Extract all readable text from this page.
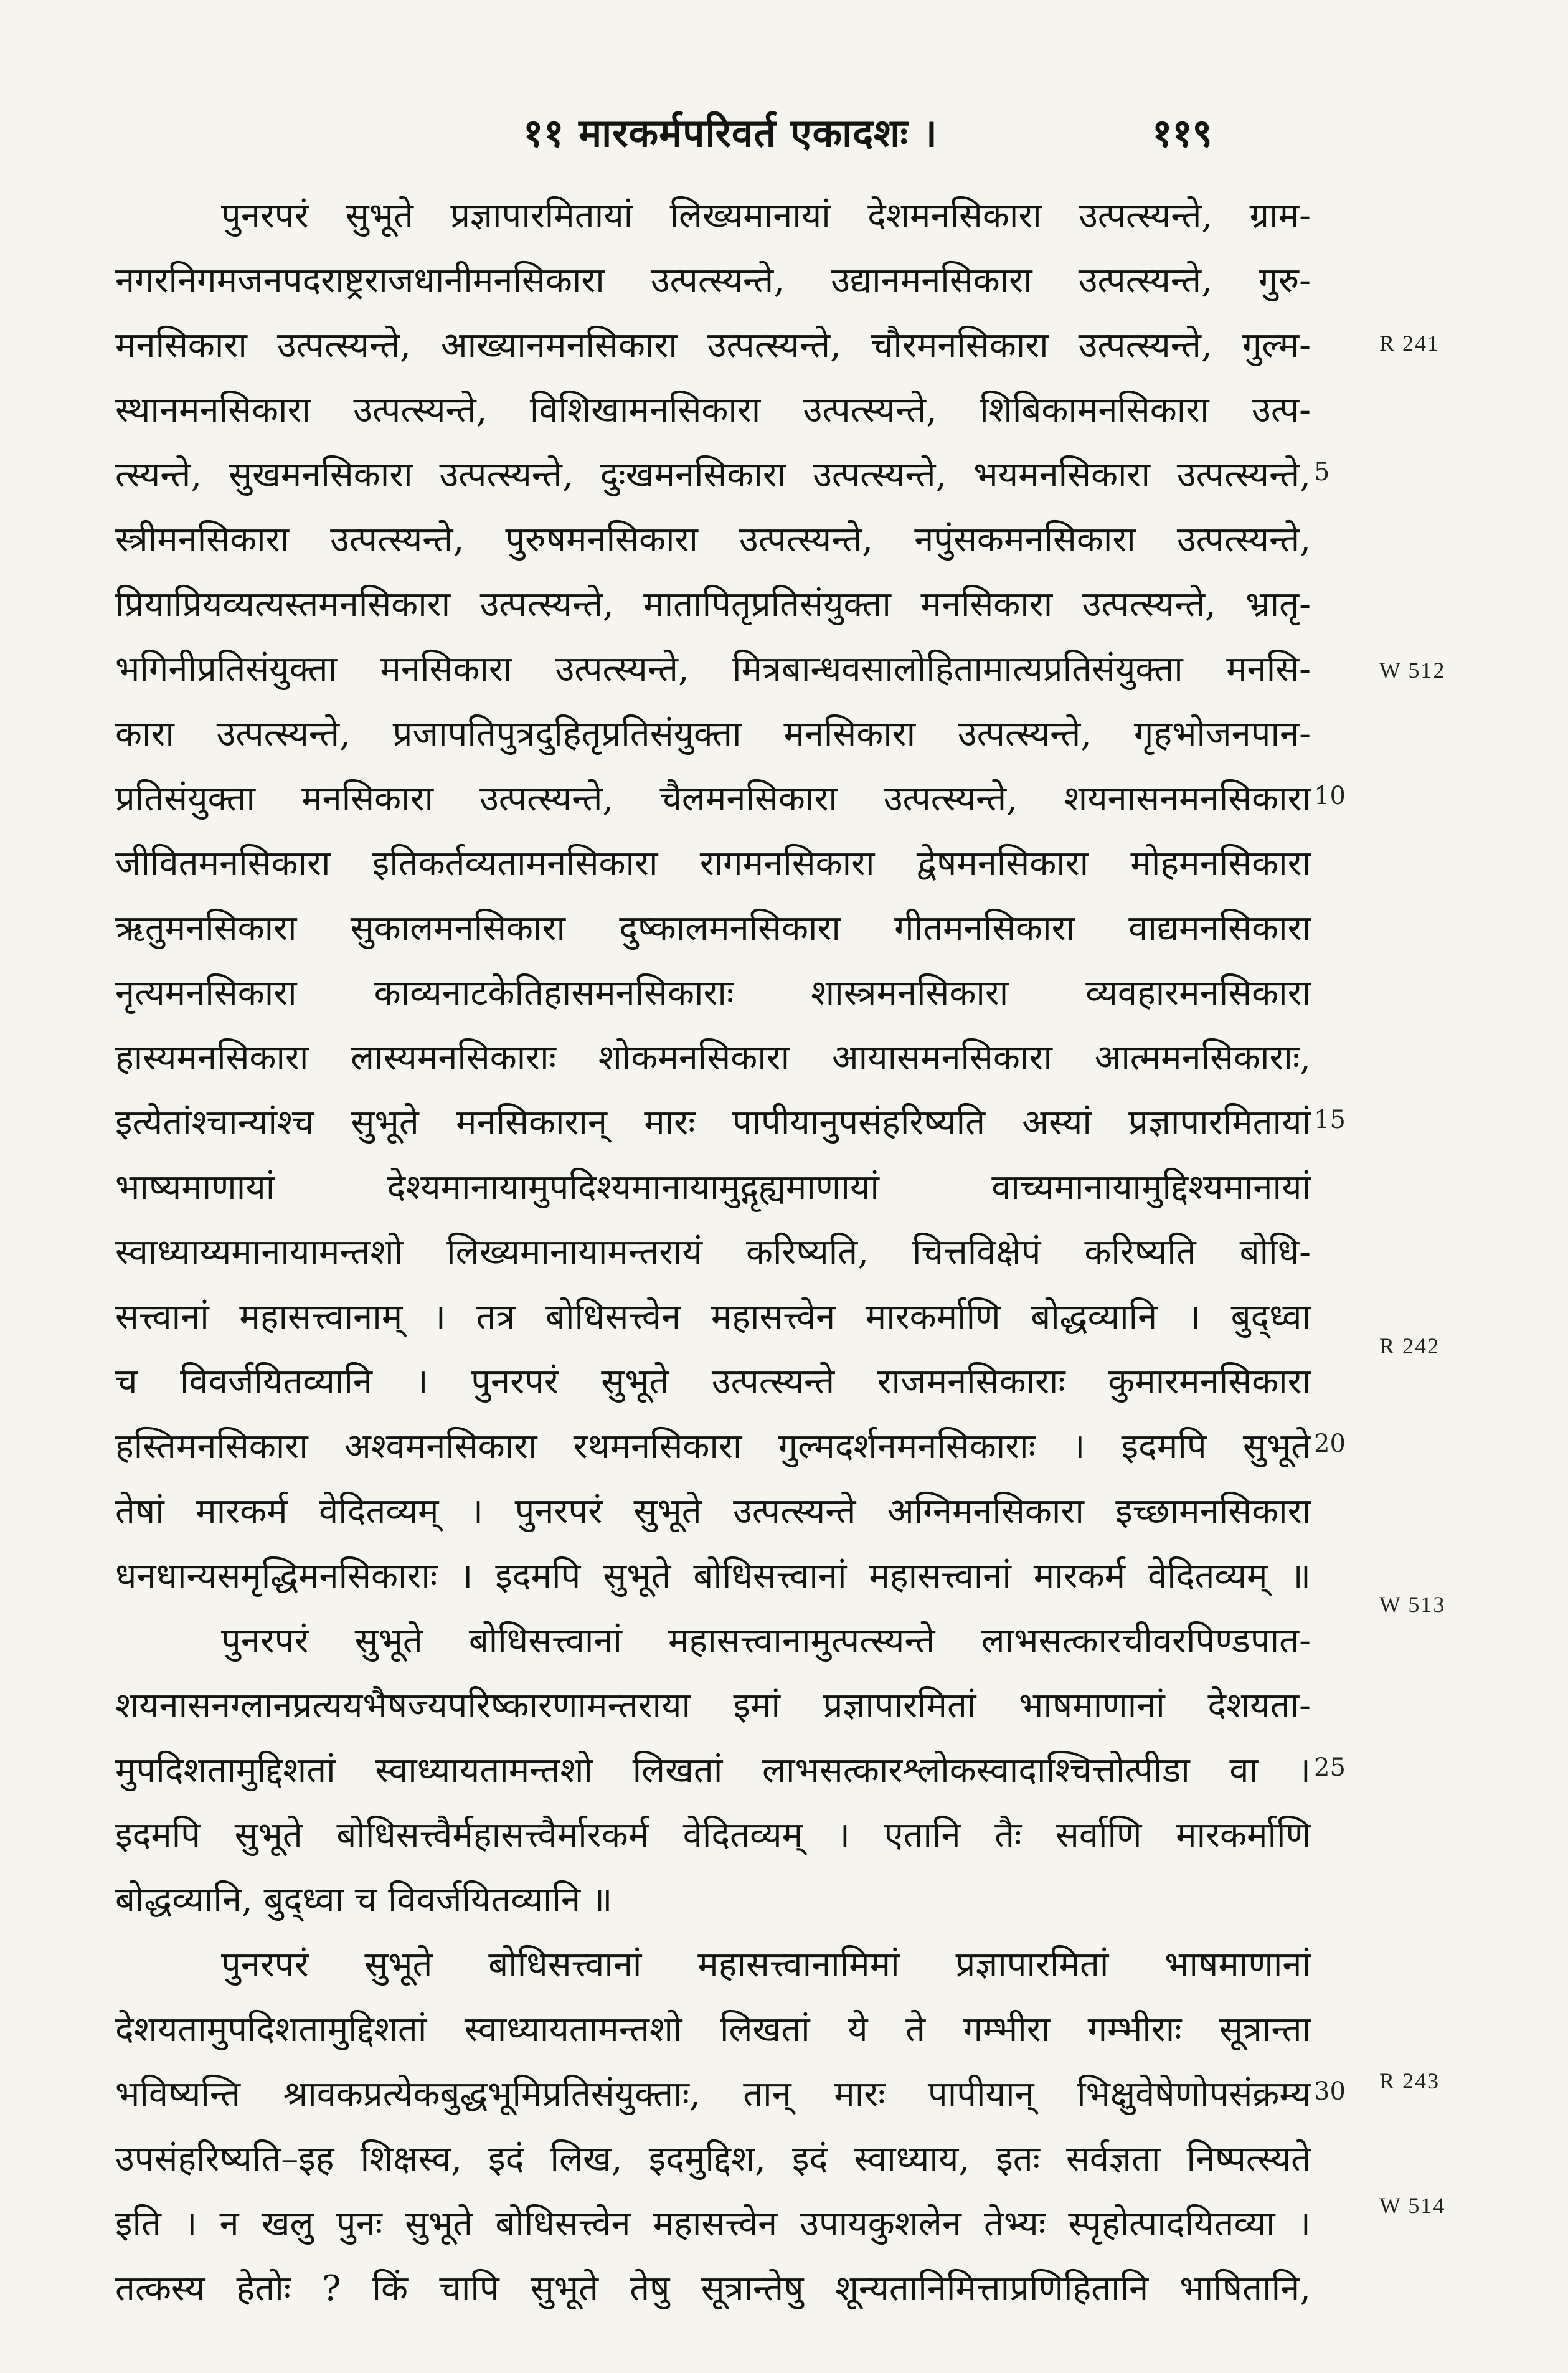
११ मारकर्मपरिवर्त एकादशः ।	११९
पुनरपरं सुभूते प्रज्ञापारमितायां लिख्यमानायां देशमनसिकारा उत्पत्स्यन्ते, ग्राम-
नगरनिगमजनपदराष्ट्रराजधानीमनसिकारा उत्पत्स्यन्ते, उद्यानमनसिकारा उत्पत्स्यन्ते, गुरु-
मनसिकारा उत्पत्स्यन्ते, आख्यानमनसिकारा उत्पत्स्यन्ते, चौरमनसिकारा उत्पत्स्यन्ते, गुल्म-
स्थानमनसिकारा उत्पत्स्यन्ते, विशिखामनसिकारा उत्पत्स्यन्ते, शिबिकामनसिकारा उत्प-
त्स्यन्ते, सुखमनसिकारा उत्पत्स्यन्ते, दुःखमनसिकारा उत्पत्स्यन्ते, भयमनसिकारा उत्पत्स्यन्ते,
स्त्रीमनसिकारा उत्पत्स्यन्ते, पुरुषमनसिकारा उत्पत्स्यन्ते, नपुंसकमनसिकारा उत्पत्स्यन्ते,
प्रियाप्रियव्यत्यस्तमनसिकारा उत्पत्स्यन्ते, मातापितृप्रतिसंयुक्ता मनसिकारा उत्पत्स्यन्ते, भ्रातृ-
भगिनीप्रतिसंयुक्ता मनसिकारा उत्पत्स्यन्ते, मित्रबान्धवसालोहितामात्यप्रतिसंयुक्ता मनसि-
कारा उत्पत्स्यन्ते, प्रजापतिपुत्रदुहितृप्रतिसंयुक्ता मनसिकारा उत्पत्स्यन्ते, गृहभोजनपान-
प्रतिसंयुक्ता मनसिकारा उत्पत्स्यन्ते, चैलमनसिकारा उत्पत्स्यन्ते, शयनासनमनसिकारा
जीवितमनसिकारा इतिकर्तव्यतामनसिकारा रागमनसिकारा द्वेषमनसिकारा मोहमनसिकारा
ऋतुमनसिकारा सुकालमनसिकारा दुष्कालमनसिकारा गीतमनसिकारा वाद्यमनसिकारा
नृत्यमनसिकारा काव्यनाटकेतिहासमनसिकाराः शास्त्रमनसिकारा व्यवहारमनसिकारा
हास्यमनसिकारा लास्यमनसिकाराः शोकमनसिकारा आयासमनसिकारा आत्ममनसिकाराः,
इत्येतांश्चान्यांश्च सुभूते मनसिकारान् मारः पापीयानुपसंहरिष्यति अस्यां प्रज्ञापारमितायां
भाष्यमाणायां देश्यमानायामुपदिश्यमानायामुद्गृह्यमाणायां वाच्यमानायामुद्दिश्यमानायां
स्वाध्याय्यमानायामन्तशो लिख्यमानायामन्तरायं करिष्यति, चित्तविक्षेपं करिष्यति बोधि-
सत्त्वानां महासत्त्वानाम् । तत्र बोधिसत्त्वेन महासत्त्वेन मारकर्माणि बोद्धव्यानि । बुद्ध्वा
च विवर्जयितव्यानि । पुनरपरं सुभूते उत्पत्स्यन्ते राजमनसिकाराः कुमारमनसिकारा
हस्तिमनसिकारा अश्वमनसिकारा रथमनसिकारा गुल्मदर्शनमनसिकाराः । इदमपि सुभूते
तेषां मारकर्म वेदितव्यम् । पुनरपरं सुभूते उत्पत्स्यन्ते अग्निमनसिकारा इच्छामनसिकारा
धनधान्यसमृद्धिमनसिकाराः । इदमपि सुभूते बोधिसत्त्वानां महासत्त्वानां मारकर्म वेदितव्यम् ॥
पुनरपरं सुभूते बोधिसत्त्वानां महासत्त्वानामुत्पत्स्यन्ते लाभसत्कारचीवरपिण्डपात-
शयनासनग्लानप्रत्ययभैषज्यपरिष्कारणामन्तराया इमां प्रज्ञापारमितां भाषमाणानां देशयता-
मुपदिशतामुद्दिशतां स्वाध्यायतामन्तशो लिखतां लाभसत्कारश्लोकस्वादाश्चित्तोत्पीडा वा ।
इदमपि सुभूते बोधिसत्त्वैर्महासत्त्वैर्मारकर्म वेदितव्यम् । एतानि तैः सर्वाणि मारकर्माणि
बोद्धव्यानि, बुद्ध्वा च विवर्जयितव्यानि ॥
पुनरपरं सुभूते बोधिसत्त्वानां महासत्त्वानामिमां प्रज्ञापारमितां भाषमाणानां
देशयतामुपदिशतामुद्दिशतां स्वाध्यायतामन्तशो लिखतां ये ते गम्भीरा गम्भीराः सूत्रान्ता
भविष्यन्ति श्रावकप्रत्येकबुद्धभूमिप्रतिसंयुक्ताः, तान् मारः पापीयान् भिक्षुवेषेणोपसंक्रम्य
उपसंहरिष्यति–इह शिक्षस्व, इदं लिख, इदमुद्दिश, इदं स्वाध्याय, इतः सर्वज्ञता निष्पत्स्यते
इति । न खलु पुनः सुभूते बोधिसत्त्वेन महासत्त्वेन उपायकुशलेन तेभ्यः स्पृहोत्पादयितव्या ।
तत्कस्य हेतोः ? किं चापि सुभूते तेषु सूत्रान्तेषु शून्यतानिमित्ताप्रणिहितानि भाषितानि,
5
10
15
20
25
30
R 241
W 512
R 242
W 513
R 243
W 514
